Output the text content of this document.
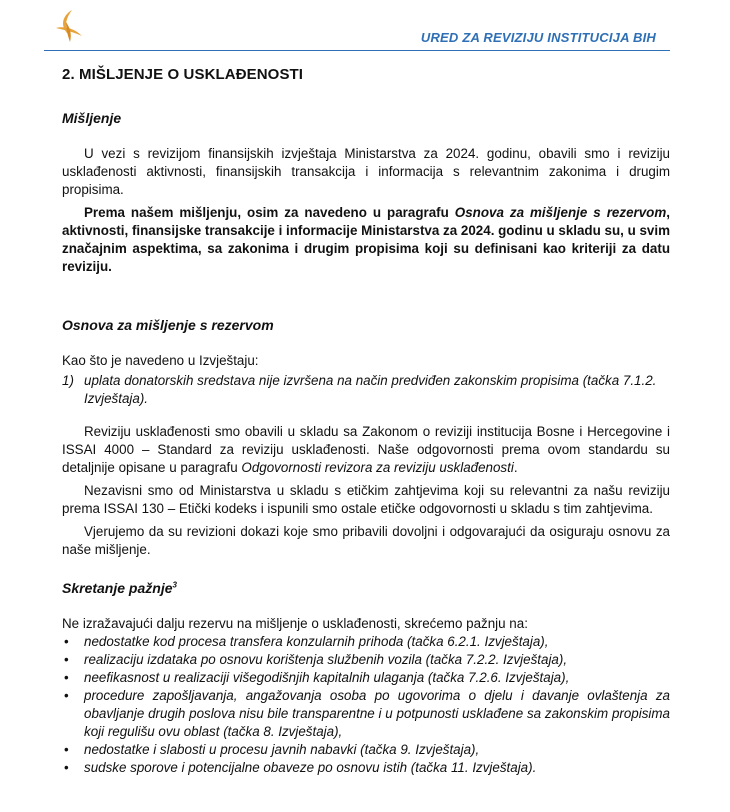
URED ZA REVIZIJU INSTITUCIJA BIH
2. MIŠLJENJE O USKLAĐENOSTI
Mišljenje

U vezi s revizijom finansijskih izvještaja Ministarstva za 2024. godinu, obavili smo i reviziju usklađenosti aktivnosti, finansijskih transakcija i informacija s relevantnim zakonima i drugim propisima.

Prema našem mišljenju, osim za navedeno u paragrafu Osnova za mišljenje s rezervom, aktivnosti, finansijske transakcije i informacije Ministarstva za 2024. godinu u skladu su, u svim značajnim aspektima, sa zakonima i drugim propisima koji su definisani kao kriteriji za datu reviziju.

Osnova za mišljenje s rezervom

Kao što je navedeno u Izvještaju:

1) uplata donatorskih sredstava nije izvršena na način predviđen zakonskim propisima (tačka 7.1.2. Izvještaja).

Reviziju usklađenosti smo obavili u skladu sa Zakonom o reviziji institucija Bosne i Hercegovine i ISSAI 4000 – Standard za reviziju usklađenosti. Naše odgovornosti prema ovom standardu su detaljnije opisane u paragrafu Odgovornosti revizora za reviziju usklađenosti.

Nezavisni smo od Ministarstva u skladu s etičkim zahtjevima koji su relevantni za našu reviziju prema ISSAI 130 – Etički kodeks i ispunili smo ostale etičke odgovornosti u skladu s tim zahtjevima.

Vjerujemo da su revizioni dokazi koje smo pribavili dovoljni i odgovarajući da osiguraju osnovu za naše mišljenje.

Skretanje pažnje$^3$

Ne izražavajući dalju rezervu na mišljenje o usklađenosti, skrećemo pažnju na:

• nedostatke kod procesa transfera konzularnih prihoda (tačka 6.2.1. Izvještaja),
• realizaciju izdataka po osnovu korištenja službenih vozila (tačka 7.2.2. Izvještaja),
• neefikasnost u realizaciji višegodišnjih kapitalnih ulaganja (tačka 7.2.6. Izvještaja),
• procedure zapošljavanja, angažovanja osoba po ugovorima o djelu i davanje ovlaštenja za obavljanje drugih poslova nisu bile transparentne i u potpunosti usklađene sa zakonskim propisima koji regulišu ovu oblast (tačka 8. Izvještaja),
• nedostatke i slabosti u procesu javnih nabavki (tačka 9. Izvještaja),
• sudske sporove i potencijalne obaveze po osnovu istih (tačka 11. Izvještaja).
